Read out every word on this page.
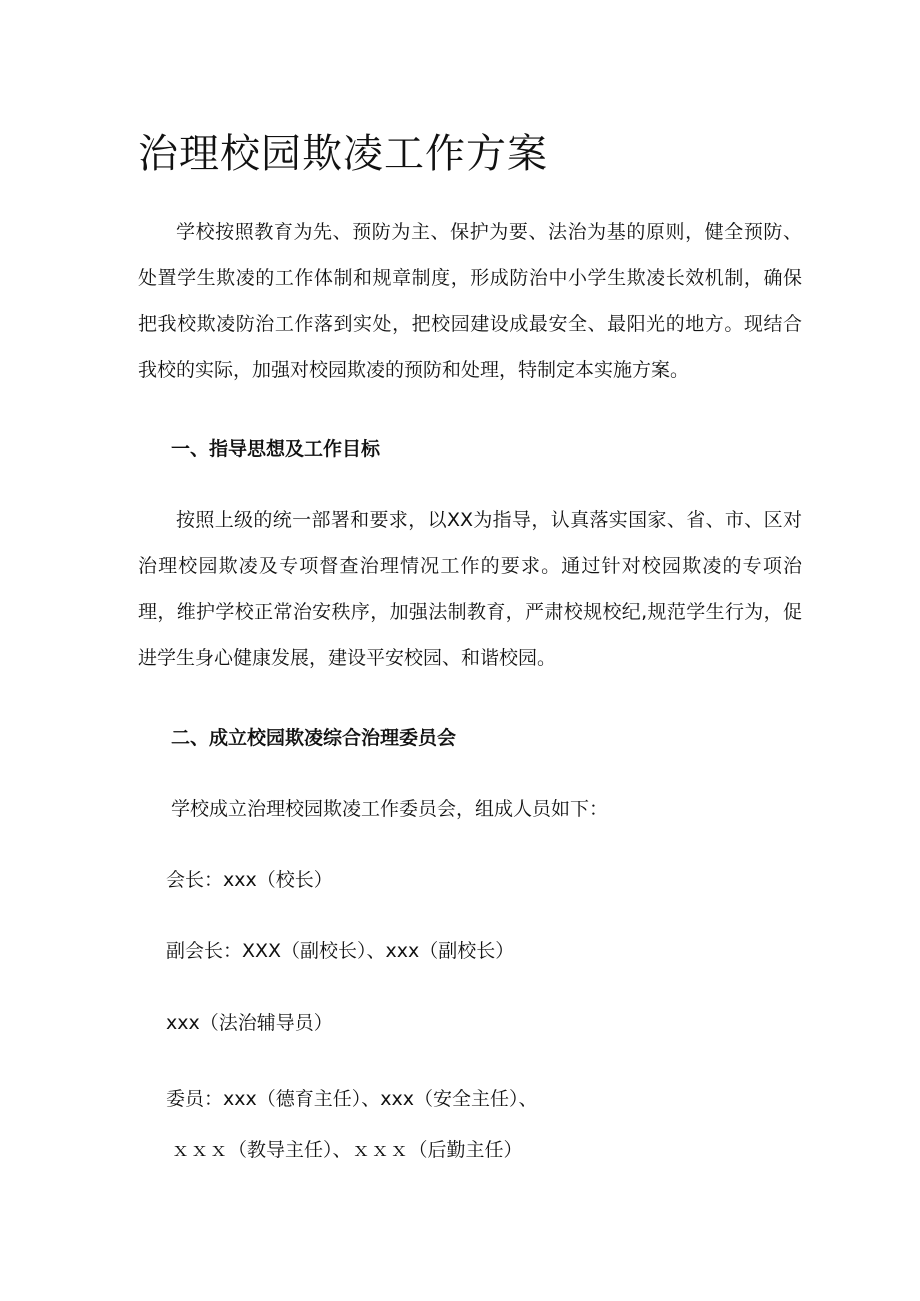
治理校园欺凌工作方案

学校按照教育为先、预防为主、保护为要、法治为基的原则，健全预防、处置学生欺凌的工作体制和规章制度，形成防治中小学生欺凌长效机制，确保把我校欺凌防治工作落到实处，把校园建设成最安全、最阳光的地方。现结合我校的实际，加强对校园欺凌的预防和处理，特制定本实施方案。

一、指导思想及工作目标

按照上级的统一部署和要求，以XX为指导，认真落实国家、省、市、区对治理校园欺凌及专项督查治理情况工作的要求。通过针对校园欺凌的专项治理，维护学校正常治安秩序，加强法制教育，严肃校规校纪,规范学生行为，促进学生身心健康发展，建设平安校园、和谐校园。

二、成立校园欺凌综合治理委员会

学校成立治理校园欺凌工作委员会，组成人员如下：

会长：xxx（校长）

副会长：XXX（副校长）、xxx（副校长）

xxx（法治辅导员）

委员：xxx（德育主任）、xxx（安全主任）、

ｘｘｘ（教导主任）、ｘｘｘ（后勤主任）
